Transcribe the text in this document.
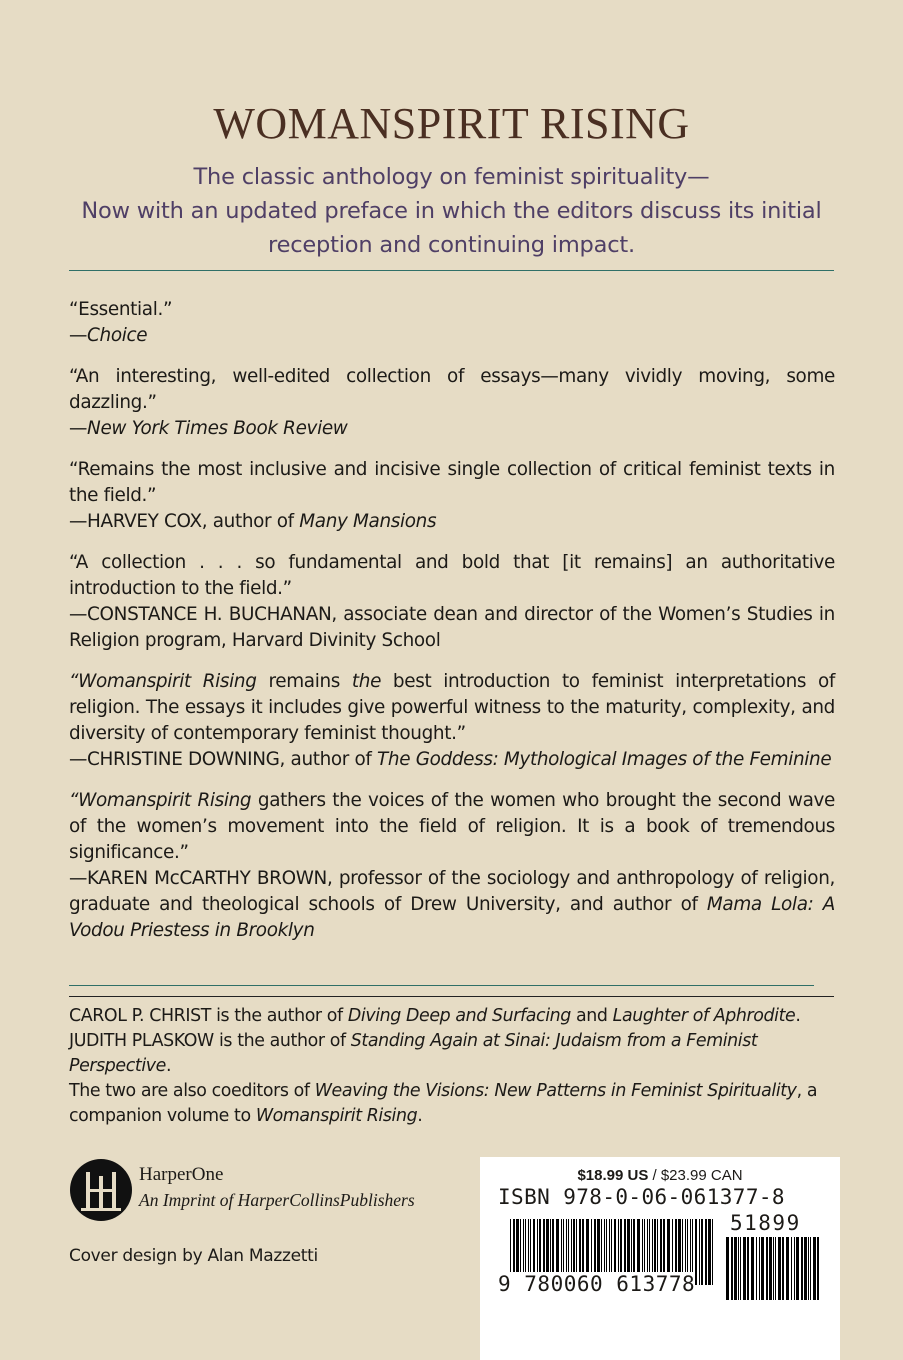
WOMANSPIRIT RISING
The classic anthology on feminist spirituality—
Now with an updated preface in which the editors discuss its initial
reception and continuing impact.

“Essential.”

—Choice

“An interesting, well-edited collection of essays—many vividly moving, some dazzling.”

—New York Times Book Review

“Remains the most inclusive and incisive single collection of critical feminist texts in the field.”

—HARVEY COX, author of Many Mansions

“A collection . . . so fundamental and bold that [it remains] an authoritative introduction to the field.”

—CONSTANCE H. BUCHANAN, associate dean and director of the Women’s Studies in Religion program, Harvard Divinity School

“Womanspirit Rising remains the best introduction to feminist interpretations of religion. The essays it includes give powerful witness to the maturity, complexity, and diversity of contemporary feminist thought.”

—CHRISTINE DOWNING, author of The Goddess: Mythological Images of the Feminine

“Womanspirit Rising gathers the voices of the women who brought the second wave of the women’s movement into the field of religion. It is a book of tremendous significance.”

—KAREN McCARTHY BROWN, professor of the sociology and anthropology of religion, graduate and theological schools of Drew University, and author of Mama Lola: A Vodou Priestess in Brooklyn

CAROL P. CHRIST is the author of Diving Deep and Surfacing and Laughter of Aphrodite.

JUDITH PLASKOW is the author of Standing Again at Sinai: Judaism from a Feminist Perspective.

The two are also coeditors of Weaving the Visions: New Patterns in Feminist Spirituality, a companion volume to Womanspirit Rising.

HarperOne
An Imprint of HarperCollinsPublishers
Cover design by Alan Mazzetti
$18.99 US / $23.99 CAN
ISBN 978-0-06-061377-8
51899
9 780060 613778
